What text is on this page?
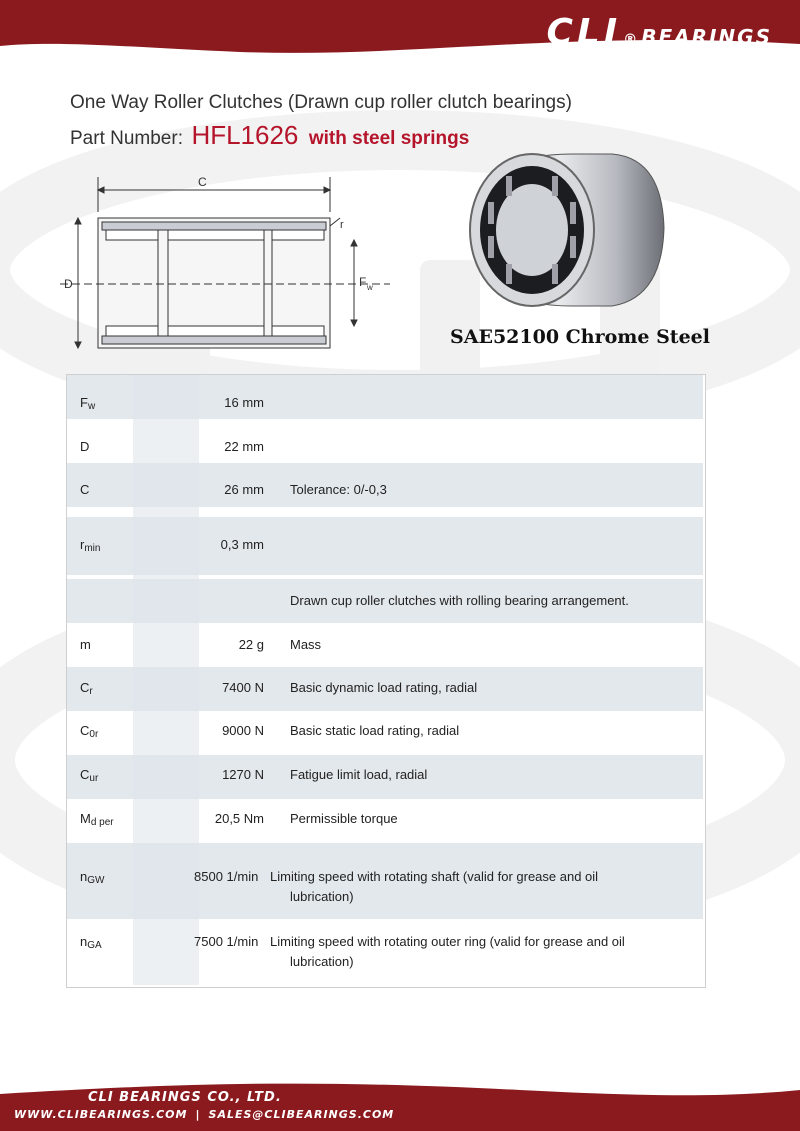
CLI ® BEARINGS
One Way Roller Clutches (Drawn cup roller clutch bearings)
Part Number: HFL1626 with steel springs
C
D
r
F w
SAE52100 Chrome Steel
$F_w$	16 mm
D	22 mm
C	26 mm Tolerance: 0/-0,3
$r_{min}$	0,3 mm
Drawn cup roller clutches with rolling bearing arrangement.
m	22 g Mass
$C_r$	7400 N Basic dynamic load rating, radial
$C_{0r}$	9000 N Basic static load rating, radial
$C_{ur}$	1270 N Fatigue limit load, radial
$M_{d per}$	20,5 Nm Permissible torque
$n_{GW}$	8500 1/min Limiting speed with rotating shaft (valid for grease and oil lubrication)
$n_{GA}$	7500 1/min Limiting speed with rotating outer ring (valid for grease and oil lubrication)
CLI BEARINGS CO., LTD.
WWW.CLIBEARINGS.COM | SALES@CLIBEARINGS.COM
